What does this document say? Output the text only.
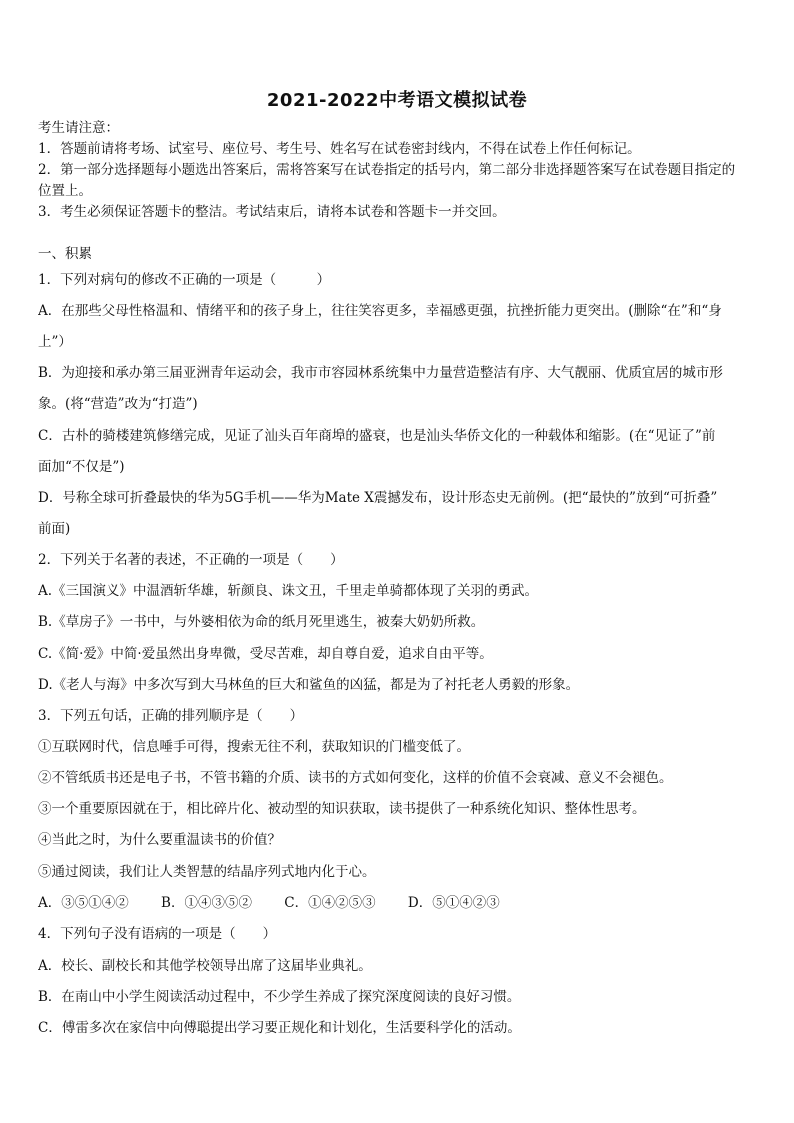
2021-2022中考语文模拟试卷
考生请注意：
1．答题前请将考场、试室号、座位号、考生号、姓名写在试卷密封线内，不得在试卷上作任何标记。
2．第一部分选择题每小题选出答案后，需将答案写在试卷指定的括号内，第二部分非选择题答案写在试卷题目指定的
位置上。
3．考生必须保证答题卡的整洁。考试结束后，请将本试卷和答题卡一并交回。
一、积累
1．下列对病句的修改不正确的一项是（　　　）
A．在那些父母性格温和、情绪平和的孩子身上，往往笑容更多，幸福感更强，抗挫折能力更突出。(删除“在”和“身
上”）
B．为迎接和承办第三届亚洲青年运动会，我市市容园林系统集中力量营造整洁有序、大气靓丽、优质宜居的城市形
象。(将“营造”改为“打造”)
C．古朴的骑楼建筑修缮完成，见证了汕头百年商埠的盛衰，也是汕头华侨文化的一种载体和缩影。(在“见证了”前
面加“不仅是”)
D．号称全球可折叠最快的华为5G手机——华为Mate X震撼发布，设计形态史无前例。(把“最快的”放到“可折叠”
前面)
2．下列关于名著的表述，不正确的一项是（　　）
A.《三国演义》中温酒斩华雄，斩颜良、诛文丑，千里走单骑都体现了关羽的勇武。
B.《草房子》一书中，与外婆相依为命的纸月死里逃生，被秦大奶奶所救。
C.《简·爱》中简·爱虽然出身卑微，受尽苦难，却自尊自爱，追求自由平等。
D.《老人与海》中多次写到大马林鱼的巨大和鲨鱼的凶猛，都是为了衬托老人勇毅的形象。
3．下列五句话，正确的排列顺序是（　　）
①互联网时代，信息唾手可得，搜索无往不利，获取知识的门槛变低了。
②不管纸质书还是电子书，不管书籍的介质、读书的方式如何变化，这样的价值不会衰减、意义不会褪色。
③一个重要原因就在于，相比碎片化、被动型的知识获取，读书提供了一种系统化知识、整体性思考。
④当此之时，为什么要重温读书的价值？
⑤通过阅读，我们让人类智慧的结晶序列式地内化于心。
A．③⑤①④② B．①④③⑤② C．①④②⑤③ D．⑤①④②③
4．下列句子没有语病的一项是（　　）
A．校长、副校长和其他学校领导出席了这届毕业典礼。
B．在南山中小学生阅读活动过程中，不少学生养成了探究深度阅读的良好习惯。
C．傅雷多次在家信中向傅聪提出学习要正规化和计划化，生活要科学化的活动。
